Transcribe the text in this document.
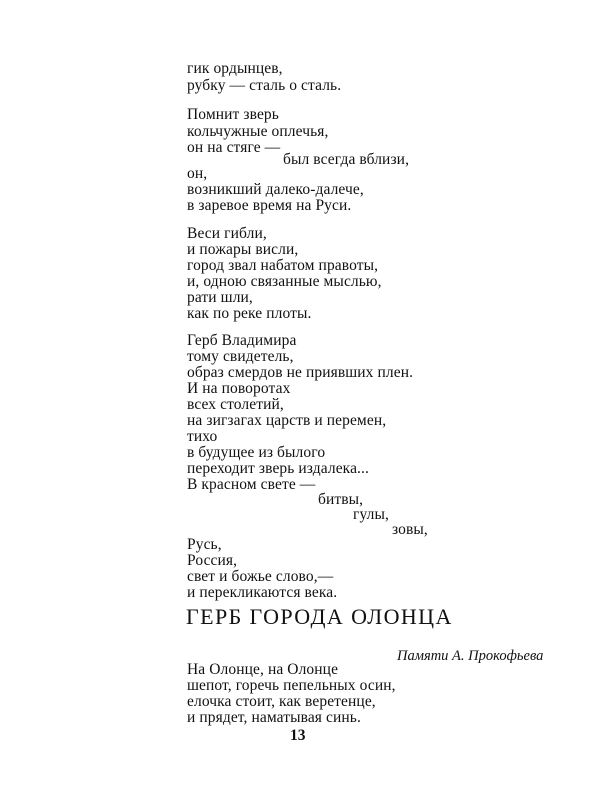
гик ордынцев,
рубку — сталь о сталь.
Помнит зверь
кольчужные оплечья,
он на стяге —
был всегда вблизи,
он,
возникший далеко-далече,
в заревое время на Руси.
Веси гибли,
и пожары висли,
город звал набатом правоты,
и, одною связанные мыслью,
рати шли,
как по реке плоты.
Герб Владимира
тому свидетель,
образ смердов не приявших плен.
И на поворотах
всех столетий,
на зигзагах царств и перемен,
тихо
в будущее из былого
переходит зверь издалека...
В красном свете —
битвы,
гулы,
зовы,
Русь,
Россия,
свет и божье слово,—
и перекликаются века.
ГЕРБ ГОРОДА ОЛОНЦА
Памяти А. Прокофьева
На Олонце, на Олонце
шепот, горечь пепельных осин,
елочка стоит, как веретенце,
и прядет, наматывая синь.
13
